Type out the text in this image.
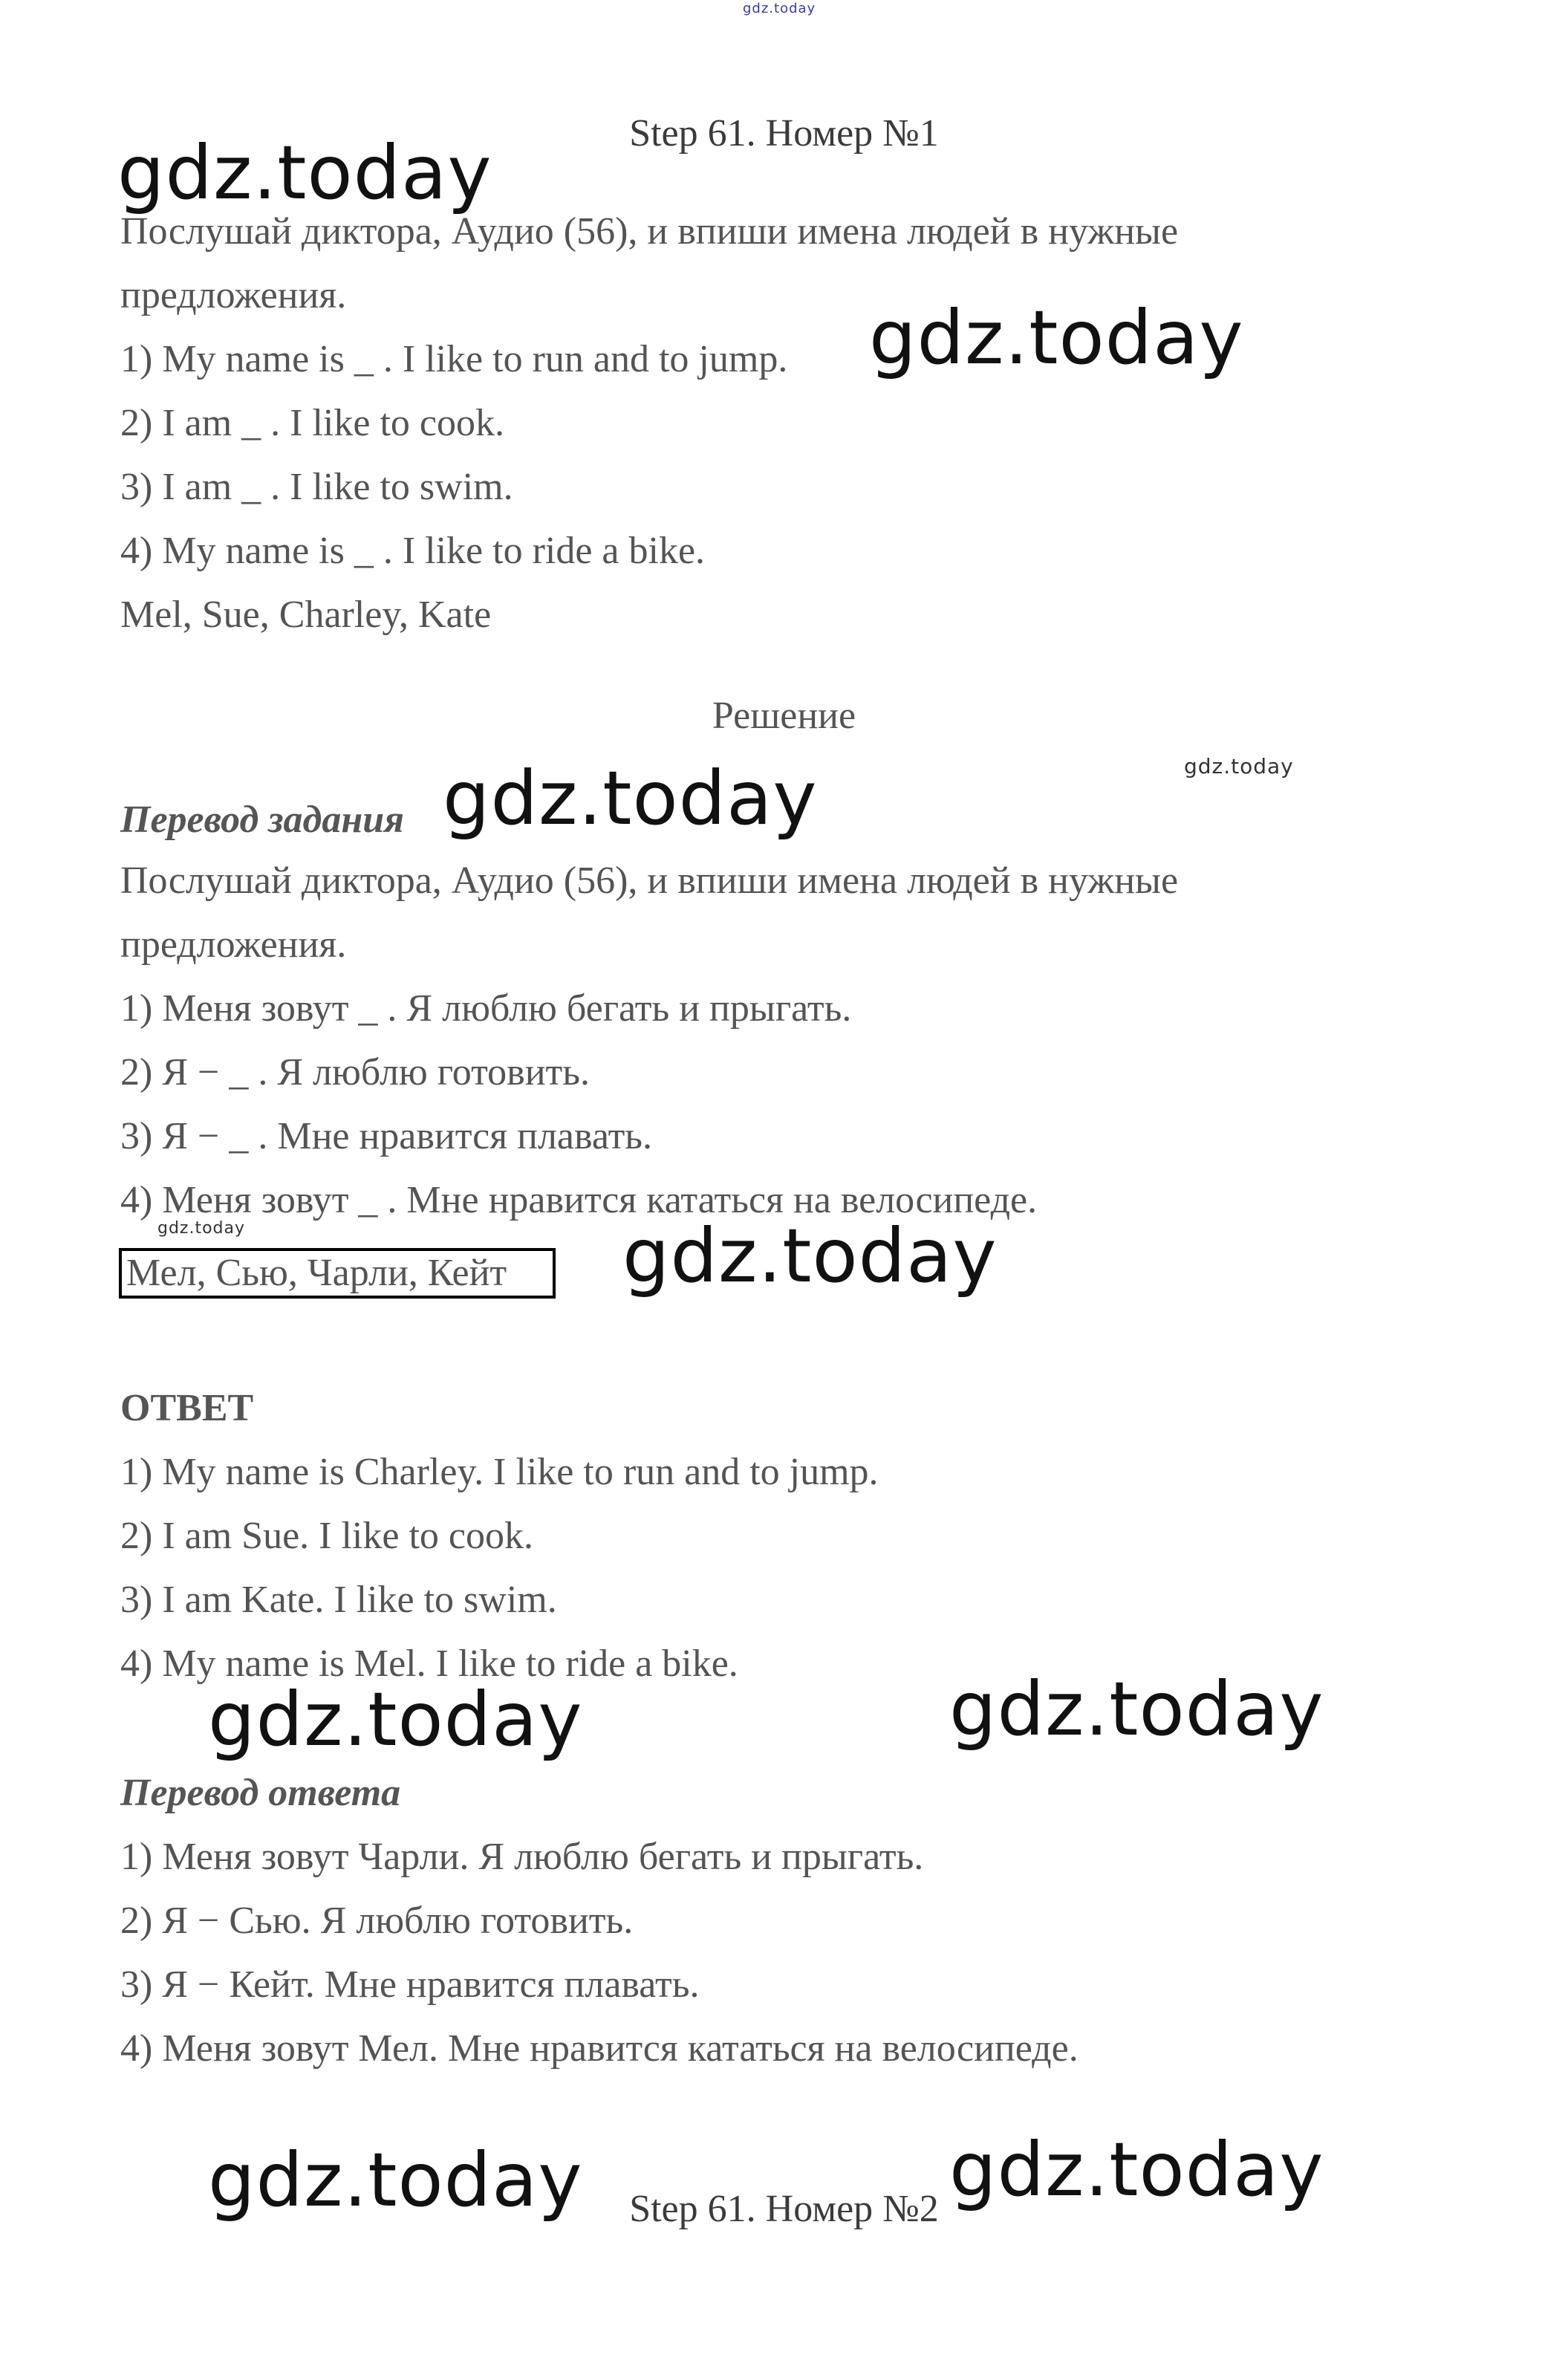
gdz.today
gdz.today
gdz.today
gdz.today
gdz.today
gdz.today	gdz.today
gdz.today	gdz.today
gdz.today	gdz.today

Step 61. Номер №1

Послушай диктора, Аудио (56), и впиши имена людей в нужные

предложения.

1) My name is _ . I like to run and to jump.

2) I am _ . I like to cook.

3) I am _ . I like to swim.

4) My name is _ . I like to ride a bike.

Mel, Sue, Charley, Kate

Решение

Перевод задания

Послушай диктора, Аудио (56), и впиши имена людей в нужные

предложения.

1) Меня зовут _ . Я люблю бегать и прыгать.

2) Я − _ . Я люблю готовить.

3) Я − _ . Мне нравится плавать.

4) Меня зовут _ . Мне нравится кататься на велосипеде.

Мел, Сью, Чарли, Кейт

ОТВЕТ

1) My name is Charley. I like to run and to jump.

2) I am Sue. I like to cook.

3) I am Kate. I like to swim.

4) My name is Mel. I like to ride a bike.

Перевод ответа

1) Меня зовут Чарли. Я люблю бегать и прыгать.

2) Я − Сью. Я люблю готовить.

3) Я − Кейт. Мне нравится плавать.

4) Меня зовут Мел. Мне нравится кататься на велосипеде.

Step 61. Номер №2
